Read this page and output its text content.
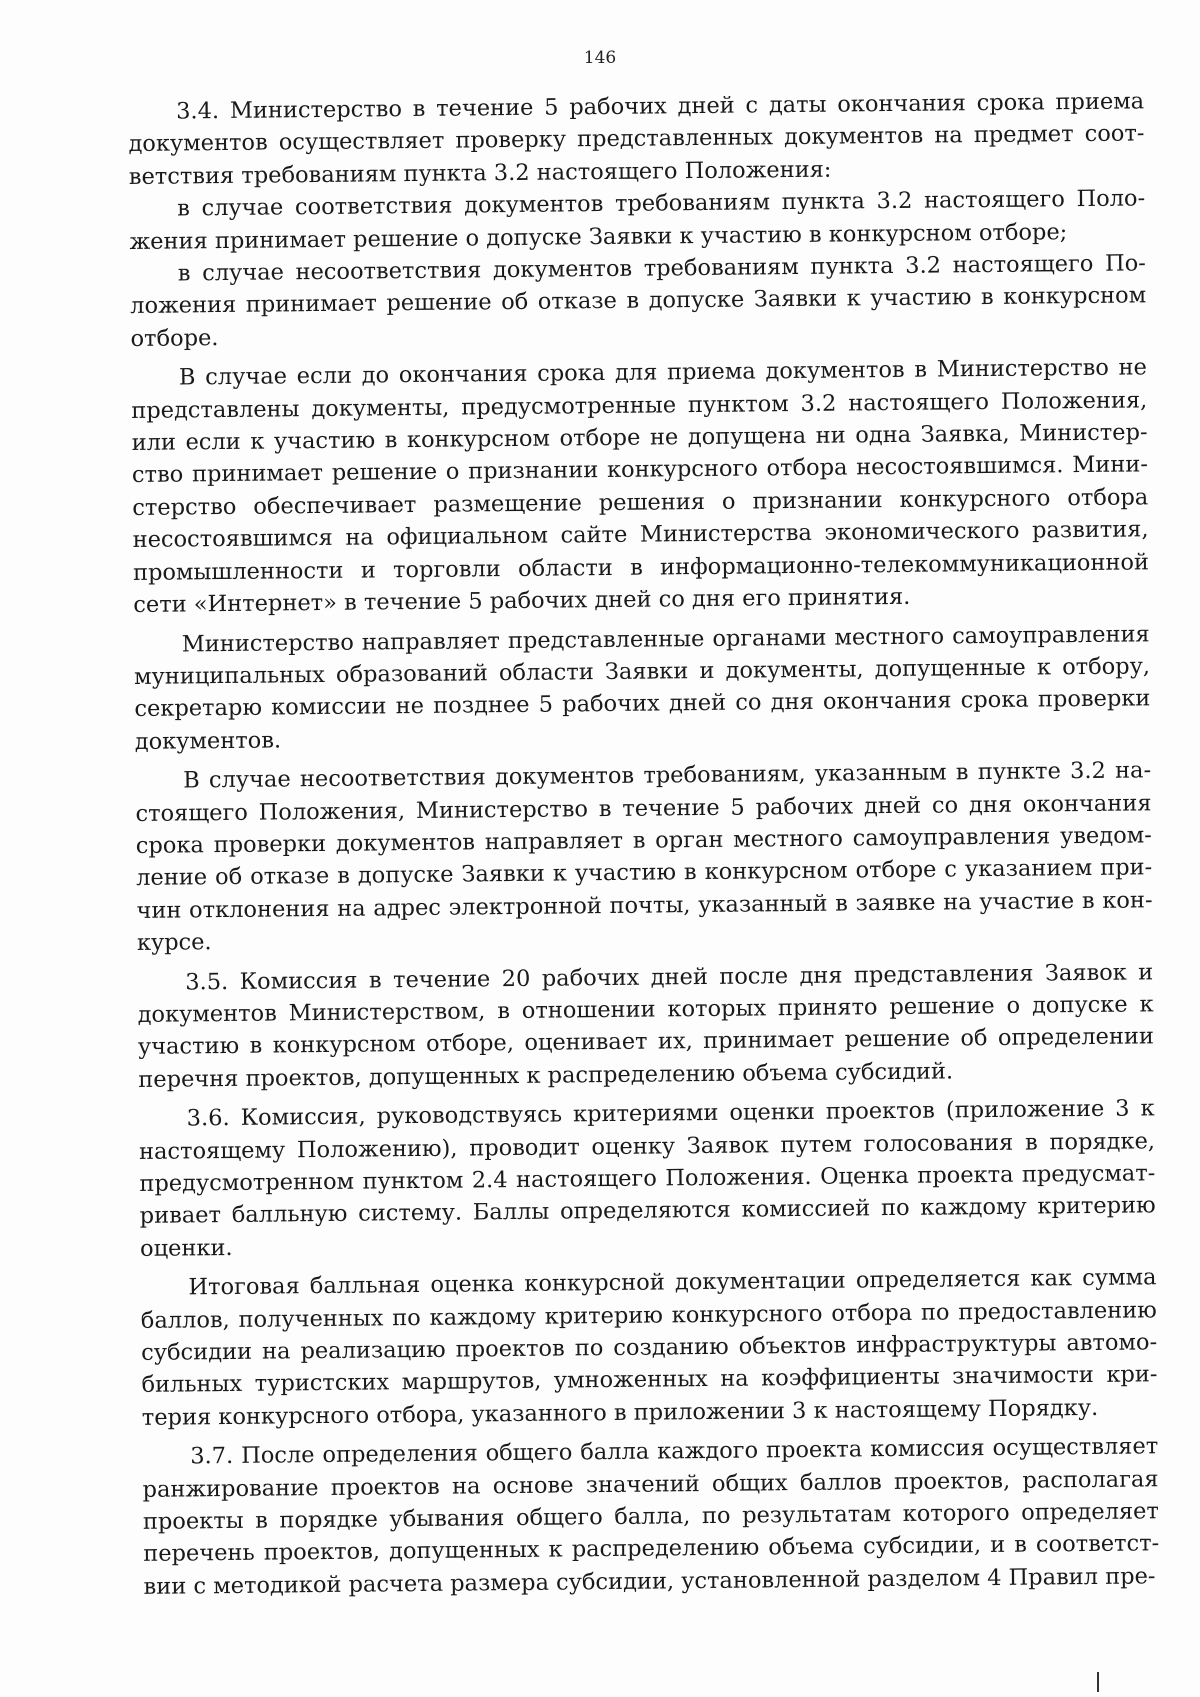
146

3.4. Министерство в течение 5 рабочих дней с даты окончания срока приема документов осуществляет проверку представленных документов на предмет соответствия требованиям пункта 3.2 настоящего Положения:

в случае соответствия документов требованиям пункта 3.2 настоящего Положения принимает решение о допуске Заявки к участию в конкурсном отборе;

в случае несоответствия документов требованиям пункта 3.2 настоящего Положения принимает решение об отказе в допуске Заявки к участию в конкурсном отборе.

В случае если до окончания срока для приема документов в Министерство не представлены документы, предусмотренные пунктом 3.2 настоящего Положения, или если к участию в конкурсном отборе не допущена ни одна Заявка, Министерство принимает решение о признании конкурсного отбора несостоявшимся. Министерство обеспечивает размещение решения о признании конкурсного отбора несостоявшимся на официальном сайте Министерства экономического развития, промышленности и торговли области в информационно-телекоммуникационной сети «Интернет» в течение 5 рабочих дней со дня его принятия.

Министерство направляет представленные органами местного самоуправления муниципальных образований области Заявки и документы, допущенные к отбору, секретарю комиссии не позднее 5 рабочих дней со дня окончания срока проверки документов.

В случае несоответствия документов требованиям, указанным в пункте 3.2 настоящего Положения, Министерство в течение 5 рабочих дней со дня окончания срока проверки документов направляет в орган местного самоуправления уведомление об отказе в допуске Заявки к участию в конкурсном отборе с указанием причин отклонения на адрес электронной почты, указанный в заявке на участие в конкурсе.

3.5. Комиссия в течение 20 рабочих дней после дня представления Заявок и документов Министерством, в отношении которых принято решение о допуске к участию в конкурсном отборе, оценивает их, принимает решение об определении перечня проектов, допущенных к распределению объема субсидий.

3.6. Комиссия, руководствуясь критериями оценки проектов (приложение 3 к настоящему Положению), проводит оценку Заявок путем голосования в порядке, предусмотренном пунктом 2.4 настоящего Положения. Оценка проекта предусматривает балльную систему. Баллы определяются комиссией по каждому критерию оценки.

Итоговая балльная оценка конкурсной документации определяется как сумма баллов, полученных по каждому критерию конкурсного отбора по предоставлению субсидии на реализацию проектов по созданию объектов инфраструктуры автомобильных туристских маршрутов, умноженных на коэффициенты значимости критерия конкурсного отбора, указанного в приложении 3 к настоящему Порядку.

3.7. После определения общего балла каждого проекта комиссия осуществляет ранжирование проектов на основе значений общих баллов проектов, располагая проекты в порядке убывания общего балла, по результатам которого определяет перечень проектов, допущенных к распределению объема субсидии, и в соответствии с методикой расчета размера субсидии, установленной разделом 4 Правил пре-
